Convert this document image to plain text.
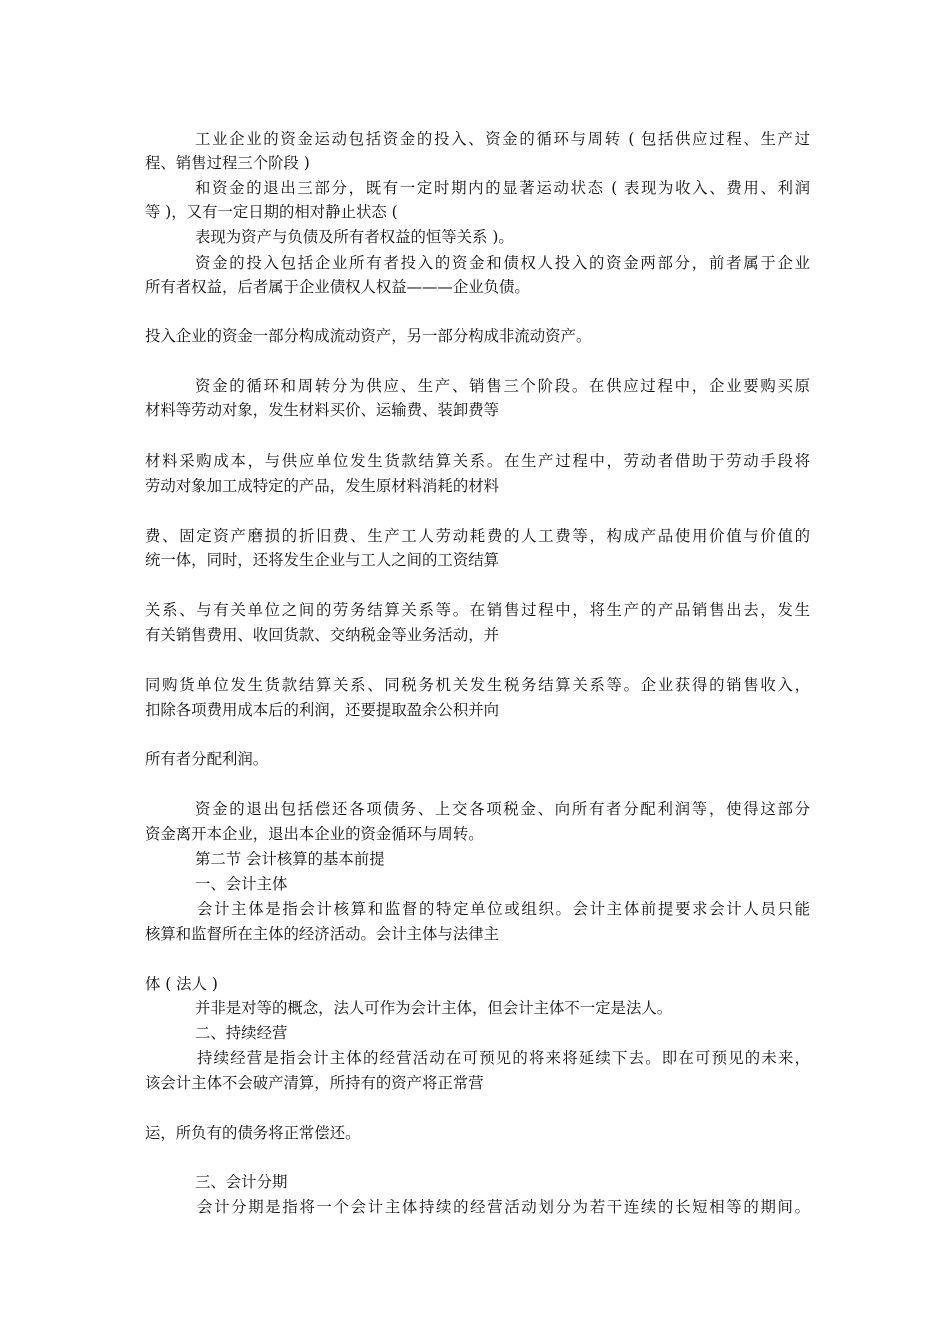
工业企业的资金运动包括资金的投入、资金的循环与周转 ( 包括供应过程、生产过
程、销售过程三个阶段 )
和资金的退出三部分，既有一定时期内的显著运动状态 ( 表现为收入、费用、利润
等 )，又有一定日期的相对静止状态 (
表现为资产与负债及所有者权益的恒等关系 )。
资金的投入包括企业所有者投入的资金和债权人投入的资金两部分，前者属于企业
所有者权益，后者属于企业债权人权益———企业负债。
投入企业的资金一部分构成流动资产，另一部分构成非流动资产。
资金的循环和周转分为供应、生产、销售三个阶段。在供应过程中，企业要购买原
材料等劳动对象，发生材料买价、运输费、装卸费等
材料采购成本，与供应单位发生货款结算关系。在生产过程中，劳动者借助于劳动手段将
劳动对象加工成特定的产品，发生原材料消耗的材料
费、固定资产磨损的折旧费、生产工人劳动耗费的人工费等，构成产品使用价值与价值的
统一体，同时，还将发生企业与工人之间的工资结算
关系、与有关单位之间的劳务结算关系等。在销售过程中，将生产的产品销售出去，发生
有关销售费用、收回货款、交纳税金等业务活动，并
同购货单位发生货款结算关系、同税务机关发生税务结算关系等。企业获得的销售收入，
扣除各项费用成本后的利润，还要提取盈余公积并向
所有者分配利润。
资金的退出包括偿还各项债务、上交各项税金、向所有者分配利润等，使得这部分
资金离开本企业，退出本企业的资金循环与周转。
第二节 会计核算的基本前提
一、会计主体
会计主体是指会计核算和监督的特定单位或组织。会计主体前提要求会计人员只能
核算和监督所在主体的经济活动。会计主体与法律主
体 ( 法人 )
并非是对等的概念，法人可作为会计主体，但会计主体不一定是法人。
二、持续经营
持续经营是指会计主体的经营活动在可预见的将来将延续下去。即在可预见的未来，
该会计主体不会破产清算，所持有的资产将正常营
运，所负有的债务将正常偿还。
三、会计分期
会计分期是指将一个会计主体持续的经营活动划分为若干连续的长短相等的期间。
